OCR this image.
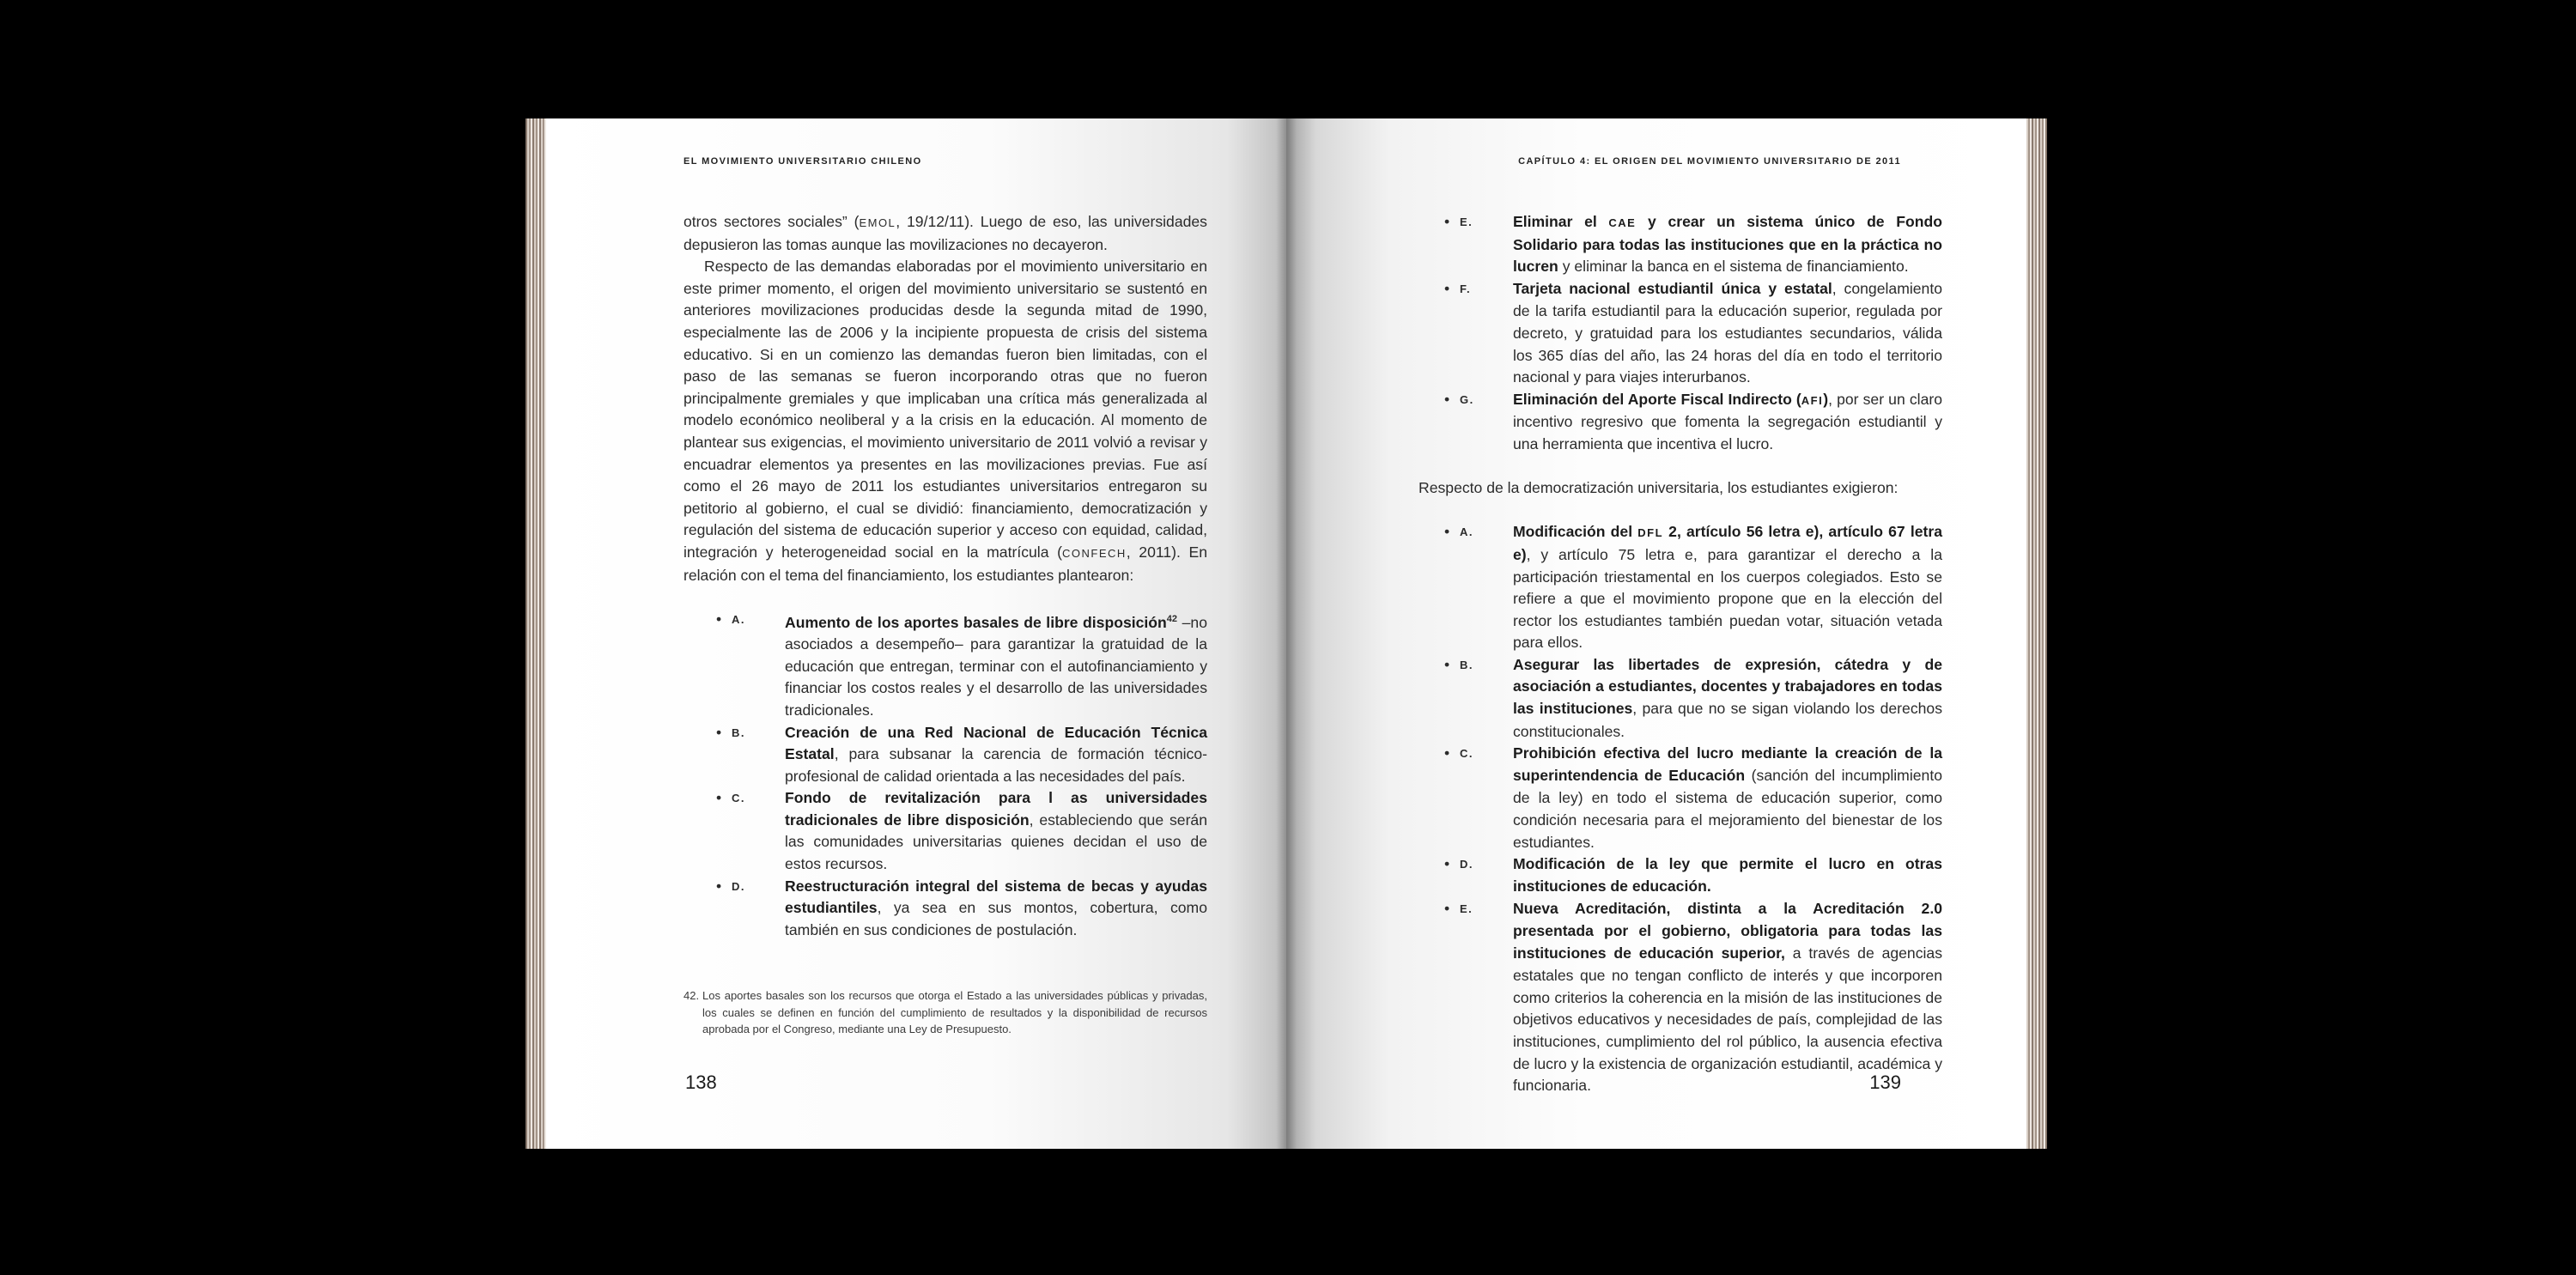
EL MOVIMIENTO UNIVERSITARIO CHILENO

otros sectores sociales” (EMOL, 19/12/11). Luego de eso, las universidades depusieron las tomas aunque las movilizaciones no decayeron.

Respecto de las demandas elaboradas por el movimiento universitario en este primer momento, el origen del movimiento universitario se sustentó en anteriores movilizaciones producidas desde la segunda mitad de 1990, especialmente las de 2006 y la incipiente propuesta de crisis del sistema educativo. Si en un comienzo las demandas fueron bien limitadas, con el paso de las semanas se fueron incorporando otras que no fueron principalmente gremiales y que implicaban una crítica más generalizada al modelo económico neoliberal y a la crisis en la educación. Al momento de plantear sus exigencias, el movimiento universitario de 2011 volvió a revisar y encuadrar elementos ya presentes en las movilizaciones previas. Fue así como el 26 mayo de 2011 los estudiantes universitarios entregaron su petitorio al gobierno, el cual se dividió: financiamiento, democratización y regulación del sistema de educación superior y acceso con equidad, calidad, integración y heterogeneidad social en la matrícula (CONFECH, 2011). En relación con el tema del financiamiento, los estudiantes plantearon:

• A.	Aumento de los aportes basales de libre disposición$^{42}$ –no asociados a desempeño– para garantizar la gratuidad de la educación que entregan, terminar con el autofinanciamiento y financiar los costos reales y el desarrollo de las universidades tradicionales.
• B.	Creación de una Red Nacional de Educación Técnica Estatal, para subsanar la carencia de formación técnico-profesional de calidad orientada a las necesidades del país.
• C.	Fondo de revitalización para l as universidades tradicionales de libre disposición, estableciendo que serán las comunidades universitarias quienes decidan el uso de estos recursos.
• D.	Reestructuración integral del sistema de becas y ayudas estudiantiles, ya sea en sus montos, cobertura, como también en sus condiciones de postulación.
42. Los aportes basales son los recursos que otorga el Estado a las universidades públicas y privadas, los cuales se definen en función del cumplimiento de resultados y la disponibilidad de recursos aprobada por el Congreso, mediante una Ley de Presupuesto.
138
CAPÍTULO 4: EL ORIGEN DEL MOVIMIENTO UNIVERSITARIO DE 2011
• E.	Eliminar el CAE y crear un sistema único de Fondo Solidario para todas las instituciones que en la práctica no lucren y eliminar la banca en el sistema de financiamiento.
• F.	Tarjeta nacional estudiantil única y estatal, congelamiento de la tarifa estudiantil para la educación superior, regulada por decreto, y gratuidad para los estudiantes secundarios, válida los 365 días del año, las 24 horas del día en todo el territorio nacional y para viajes interurbanos.
• G.	Eliminación del Aporte Fiscal Indirecto (AFI), por ser un claro incentivo regresivo que fomenta la segregación estudiantil y una herramienta que incentiva el lucro.

Respecto de la democratización universitaria, los estudiantes exigieron:

• A.	Modificación del DFL 2, artículo 56 letra e), artículo 67 letra e), y artículo 75 letra e, para garantizar el derecho a la participación triestamental en los cuerpos colegiados. Esto se refiere a que el movimiento propone que en la elección del rector los estudiantes también puedan votar, situación vetada para ellos.
• B.	Asegurar las libertades de expresión, cátedra y de asociación a estudiantes, docentes y trabajadores en todas las instituciones, para que no se sigan violando los derechos constitucionales.
• C.	Prohibición efectiva del lucro mediante la creación de la superintendencia de Educación (sanción del incumplimiento de la ley) en todo el sistema de educación superior, como condición necesaria para el mejoramiento del bienestar de los estudiantes.
• D.	Modificación de la ley que permite el lucro en otras instituciones de educación.
• E.	Nueva Acreditación, distinta a la Acreditación 2.0 presentada por el gobierno, obligatoria para todas las instituciones de educación superior, a través de agencias estatales que no tengan conflicto de interés y que incorporen como criterios la coherencia en la misión de las instituciones de objetivos educativos y necesidades de país, complejidad de las instituciones, cumplimiento del rol público, la ausencia efectiva de lucro y la existencia de organización estudiantil, académica y funcionaria.	139
